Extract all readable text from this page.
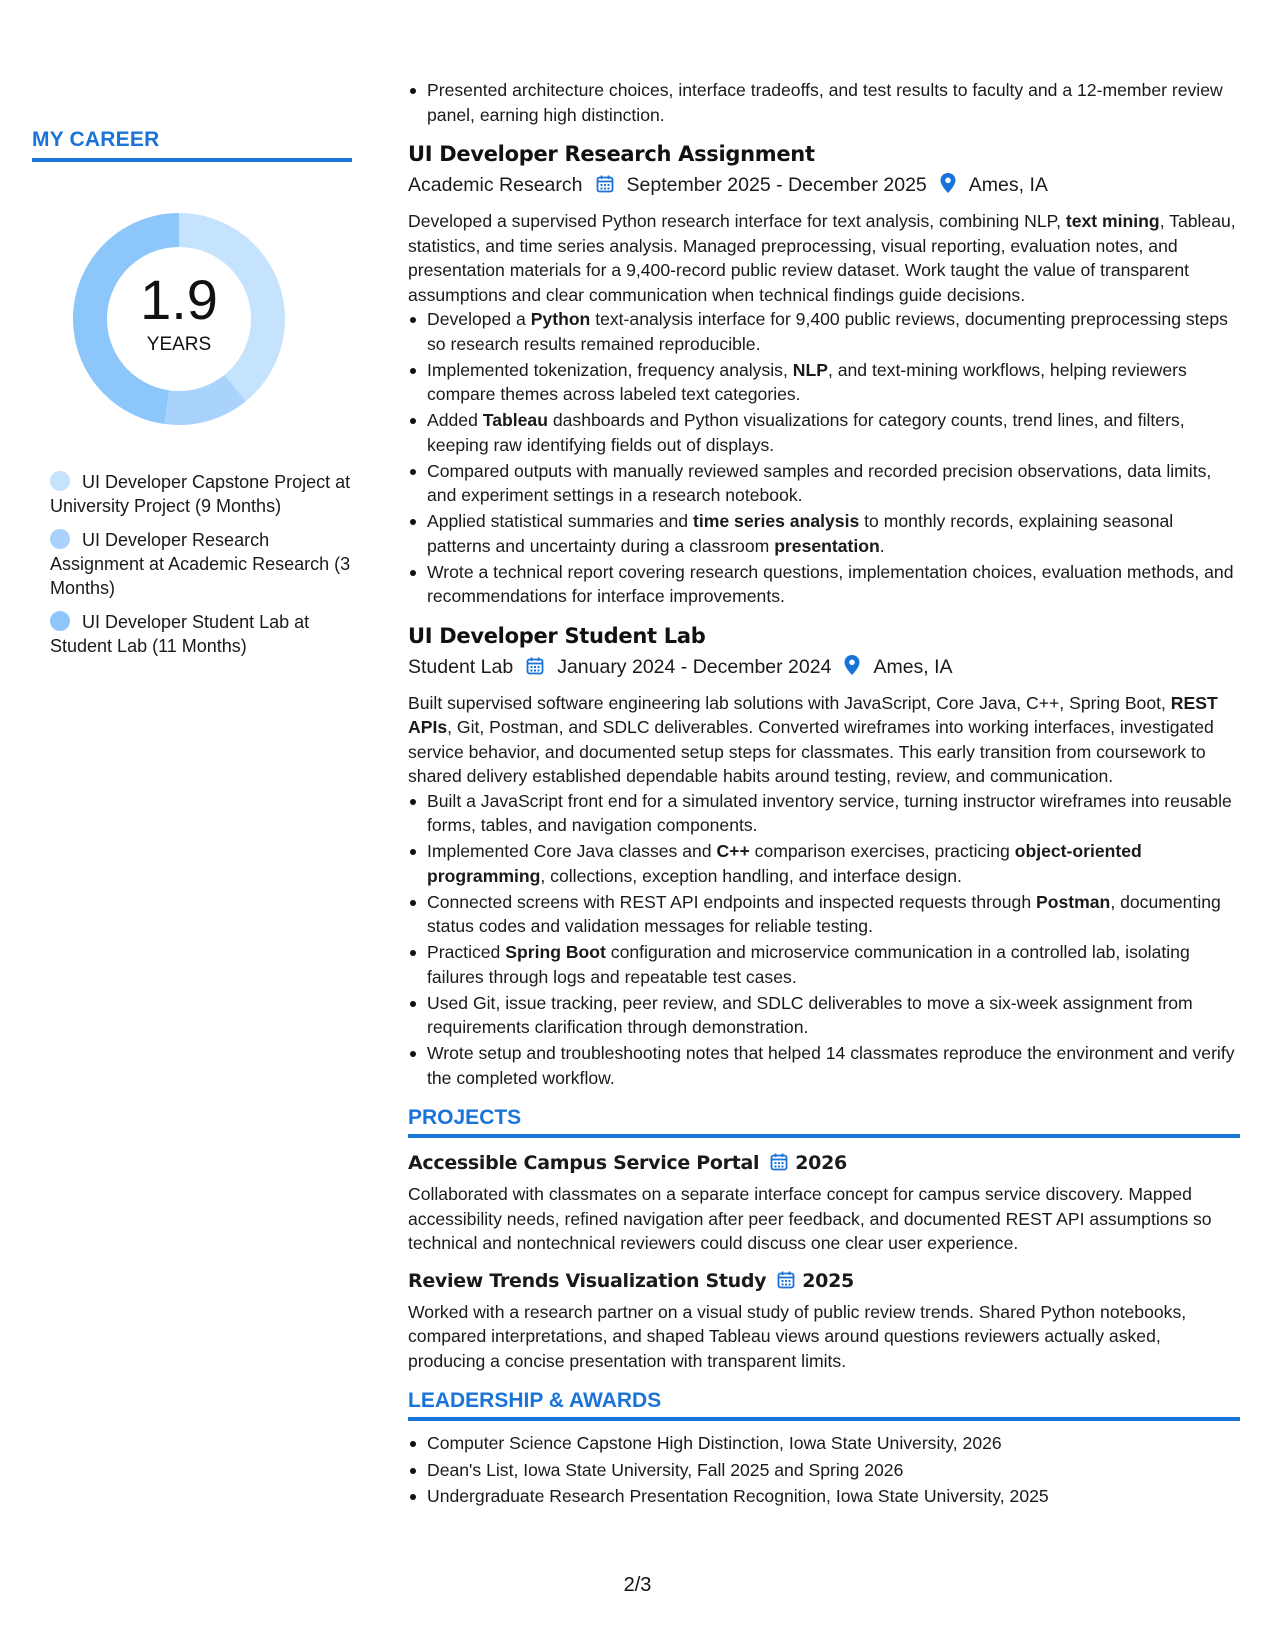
MY CAREER
1.9
YEARS
UI Developer Capstone Project at University Project (9 Months)
UI Developer Research Assignment at Academic Research (3 Months)
UI Developer Student Lab at Student Lab (11 Months)
Presented architecture choices, interface tradeoffs, and test results to faculty and a 12-member review panel, earning high distinction.
UI Developer Research Assignment
Academic Research September 2025 - December 2025 Ames, IA

Developed a supervised Python research interface for text analysis, combining NLP, text mining, Tableau, statistics, and time series analysis. Managed preprocessing, visual reporting, evaluation notes, and presentation materials for a 9,400-record public review dataset. Work taught the value of transparent assumptions and clear communication when technical findings guide decisions.

Developed a Python text-analysis interface for 9,400 public reviews, documenting preprocessing steps so research results remained reproducible.
Implemented tokenization, frequency analysis, NLP, and text-mining workflows, helping reviewers compare themes across labeled text categories.
Added Tableau dashboards and Python visualizations for category counts, trend lines, and filters, keeping raw identifying fields out of displays.
Compared outputs with manually reviewed samples and recorded precision observations, data limits, and experiment settings in a research notebook.
Applied statistical summaries and time series analysis to monthly records, explaining seasonal patterns and uncertainty during a classroom presentation.
Wrote a technical report covering research questions, implementation choices, evaluation methods, and recommendations for interface improvements.
UI Developer Student Lab
Student Lab January 2024 - December 2024 Ames, IA

Built supervised software engineering lab solutions with JavaScript, Core Java, C++, Spring Boot, REST APIs, Git, Postman, and SDLC deliverables. Converted wireframes into working interfaces, investigated service behavior, and documented setup steps for classmates. This early transition from coursework to shared delivery established dependable habits around testing, review, and communication.

Built a JavaScript front end for a simulated inventory service, turning instructor wireframes into reusable forms, tables, and navigation components.
Implemented Core Java classes and C++ comparison exercises, practicing object-oriented programming, collections, exception handling, and interface design.
Connected screens with REST API endpoints and inspected requests through Postman, documenting status codes and validation messages for reliable testing.
Practiced Spring Boot configuration and microservice communication in a controlled lab, isolating failures through logs and repeatable test cases.
Used Git, issue tracking, peer review, and SDLC deliverables to move a six-week assignment from requirements clarification through demonstration.
Wrote setup and troubleshooting notes that helped 14 classmates reproduce the environment and verify the completed workflow.
PROJECTS
Accessible Campus Service Portal 2026

Collaborated with classmates on a separate interface concept for campus service discovery. Mapped accessibility needs, refined navigation after peer feedback, and documented REST API assumptions so technical and nontechnical reviewers could discuss one clear user experience.

Review Trends Visualization Study 2025

Worked with a research partner on a visual study of public review trends. Shared Python notebooks, compared interpretations, and shaped Tableau views around questions reviewers actually asked, producing a concise presentation with transparent limits.

LEADERSHIP & AWARDS
Computer Science Capstone High Distinction, Iowa State University, 2026
Dean's List, Iowa State University, Fall 2025 and Spring 2026
Undergraduate Research Presentation Recognition, Iowa State University, 2025
2/3
